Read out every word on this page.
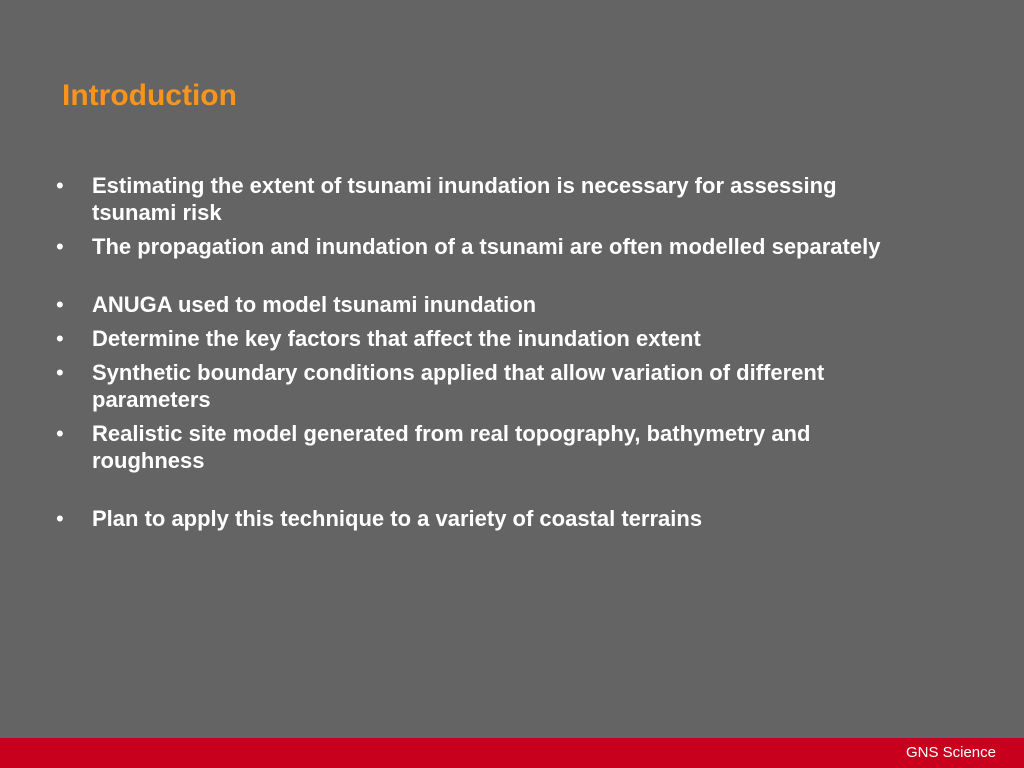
Introduction
• Estimating the extent of tsunami inundation is necessary for assessing tsunami risk
• The propagation and inundation of a tsunami are often modelled separately
• ANUGA used to model tsunami inundation
• Determine the key factors that affect the inundation extent
• Synthetic boundary conditions applied that allow variation of different parameters
• Realistic site model generated from real topography, bathymetry and roughness
• Plan to apply this technique to a variety of coastal terrains
GNS Science
